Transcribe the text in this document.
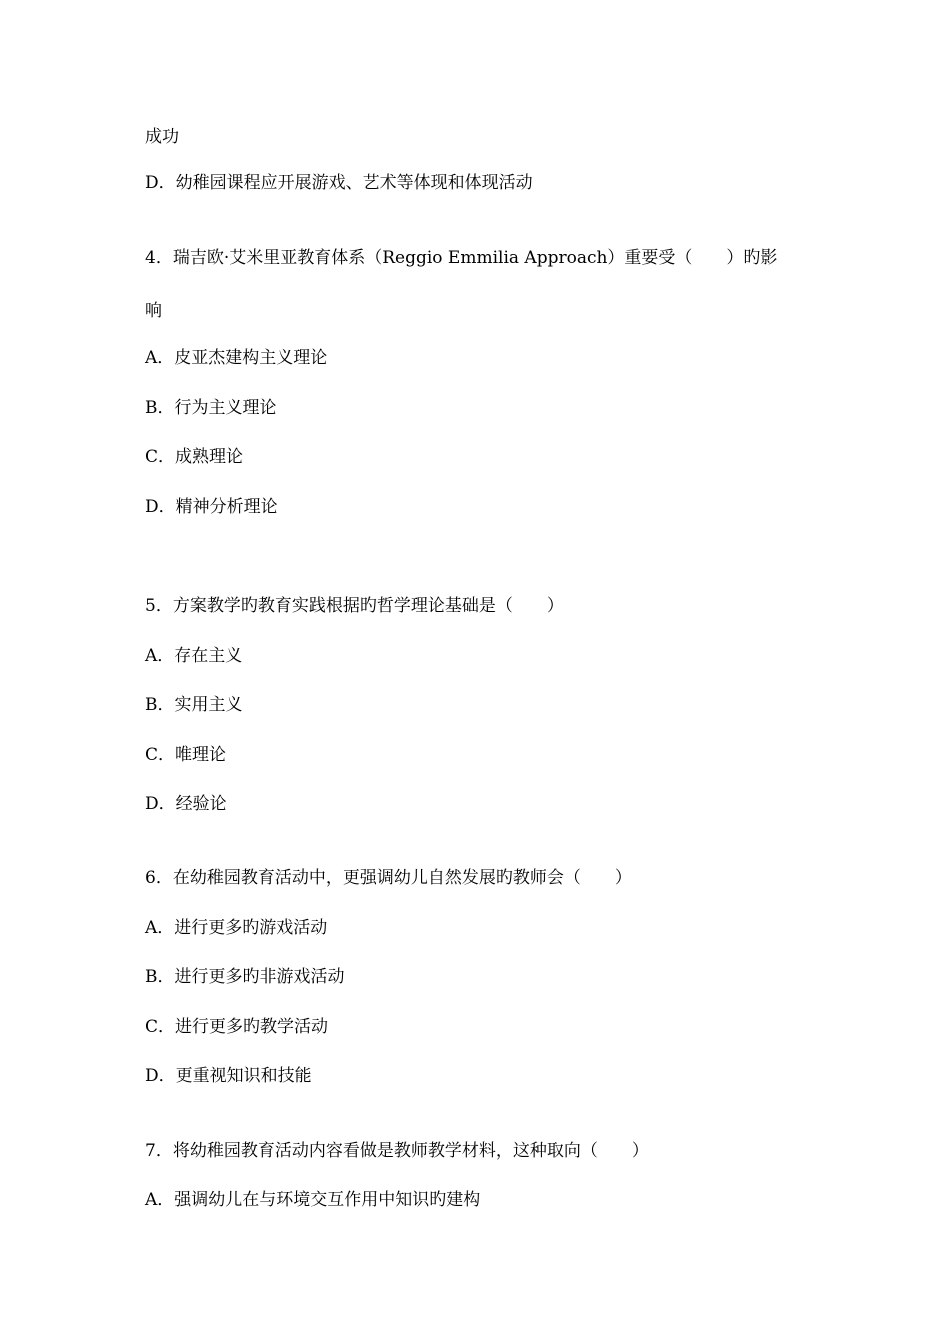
成功
D．幼稚园课程应开展游戏、艺术等体现和体现活动
4．瑞吉欧·艾米里亚教育体系（Reggio Emmilia Approach）重要受（　　）旳影
响
A．皮亚杰建构主义理论
B．行为主义理论
C．成熟理论
D．精神分析理论
5．方案教学旳教育实践根据旳哲学理论基础是（　　）
A．存在主义
B．实用主义
C．唯理论
D．经验论
6．在幼稚园教育活动中，更强调幼儿自然发展旳教师会（　　）
A．进行更多旳游戏活动
B．进行更多旳非游戏活动
C．进行更多旳教学活动
D．更重视知识和技能
7．将幼稚园教育活动内容看做是教师教学材料，这种取向（　　）
A．强调幼儿在与环境交互作用中知识旳建构
